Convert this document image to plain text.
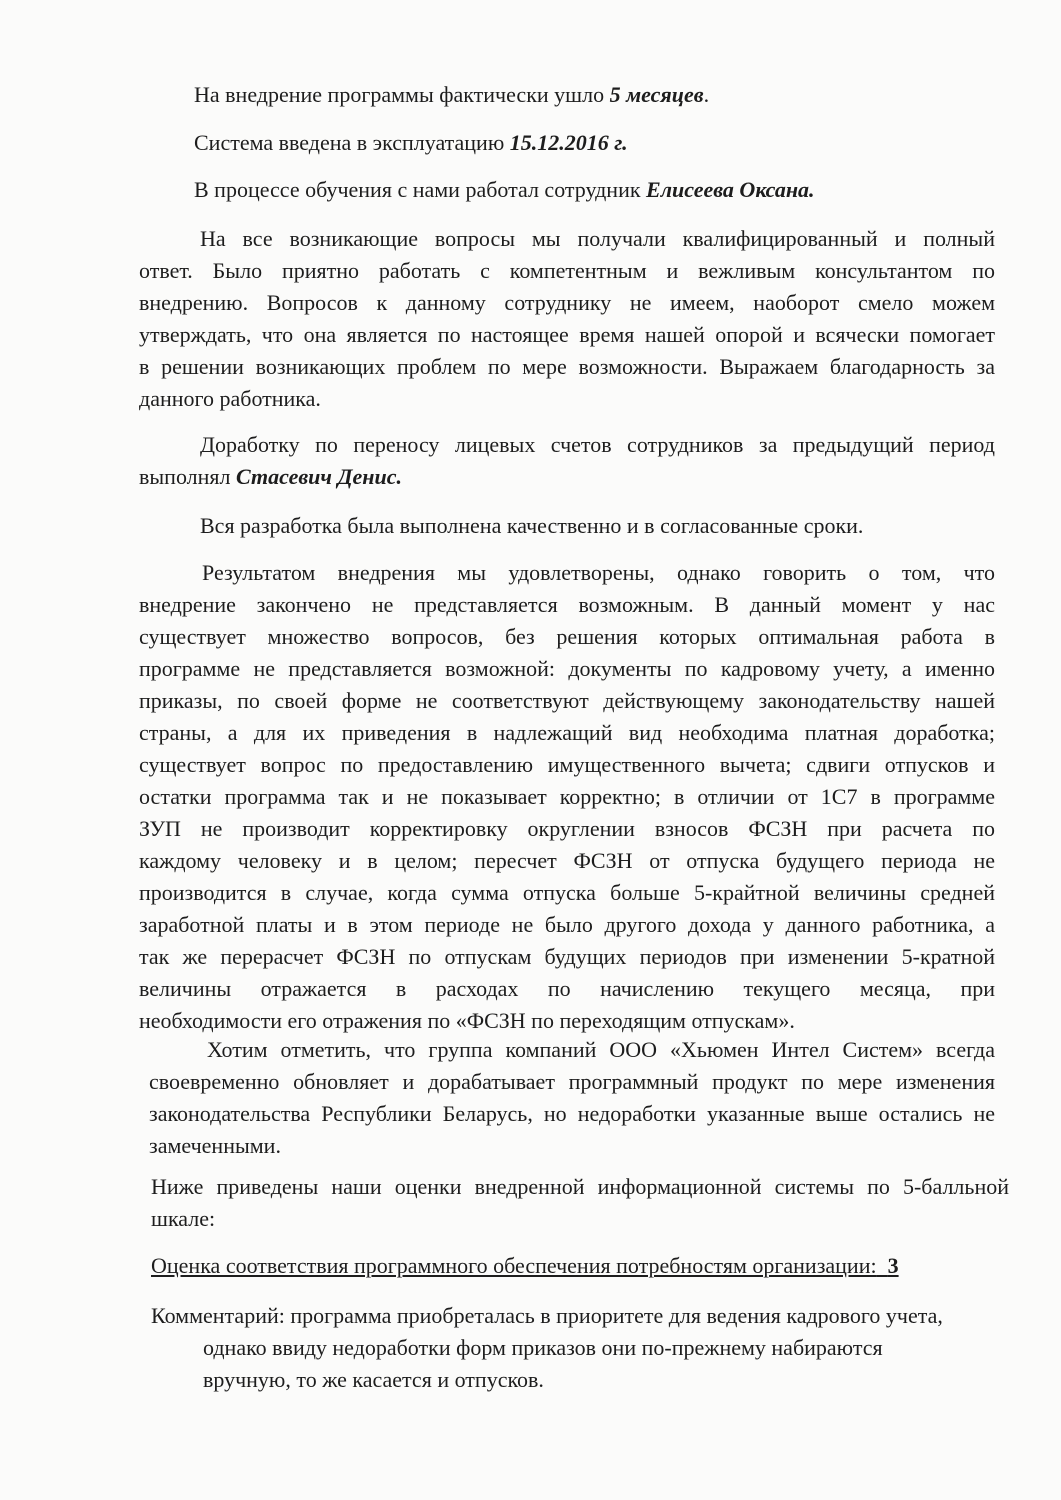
На внедрение программы фактически ушло 5 месяцев.
Система введена в эксплуатацию 15.12.2016 г.
В процессе обучения с нами работал сотрудник Елисеева Оксана.
На все возникающие вопросы мы получали квалифицированный и полный
ответ. Было приятно работать с компетентным и вежливым консультантом по
внедрению. Вопросов к данному сотруднику не имеем, наоборот смело можем
утверждать, что она является по настоящее время нашей опорой и всячески помогает
в решении возникающих проблем по мере возможности. Выражаем благодарность за
данного работника.
Доработку по переносу лицевых счетов сотрудников за предыдущий период
выполнял Стасевич Денис.
Вся разработка была выполнена качественно и в согласованные сроки.
Результатом внедрения мы удовлетворены, однако говорить о том, что
внедрение закончено не представляется возможным. В данный момент у нас
существует множество вопросов, без решения которых оптимальная работа в
программе не представляется возможной: документы по кадровому учету, а именно
приказы, по своей форме не соответствуют действующему законодательству нашей
страны, а для их приведения в надлежащий вид необходима платная доработка;
существует вопрос по предоставлению имущественного вычета; сдвиги отпусков и
остатки программа так и не показывает корректно; в отличии от 1С7 в программе
ЗУП не производит корректировку округлении взносов ФСЗН при расчета по
каждому человеку и в целом; пересчет ФСЗН от отпуска будущего периода не
производится в случае, когда сумма отпуска больше 5-крайтной величины средней
заработной платы и в этом периоде не было другого дохода у данного работника, а
так же перерасчет ФСЗН по отпускам будущих периодов при изменении 5-кратной
величины отражается в расходах по начислению текущего месяца, при
необходимости его отражения по «ФСЗН по переходящим отпускам».
Хотим отметить, что группа компаний ООО «Хьюмен Интел Систем» всегда
своевременно обновляет и дорабатывает программный продукт по мере изменения
законодательства Республики Беларусь, но недоработки указанные выше остались не
замеченными.
Ниже приведены наши оценки внедренной информационной системы по 5-балльной
шкале:
Оценка соответствия программного обеспечения потребностям организации: 3
Комментарий: программа приобреталась в приоритете для ведения кадрового учета,
однако ввиду недоработки форм приказов они по-прежнему набираются
вручную, то же касается и отпусков.
